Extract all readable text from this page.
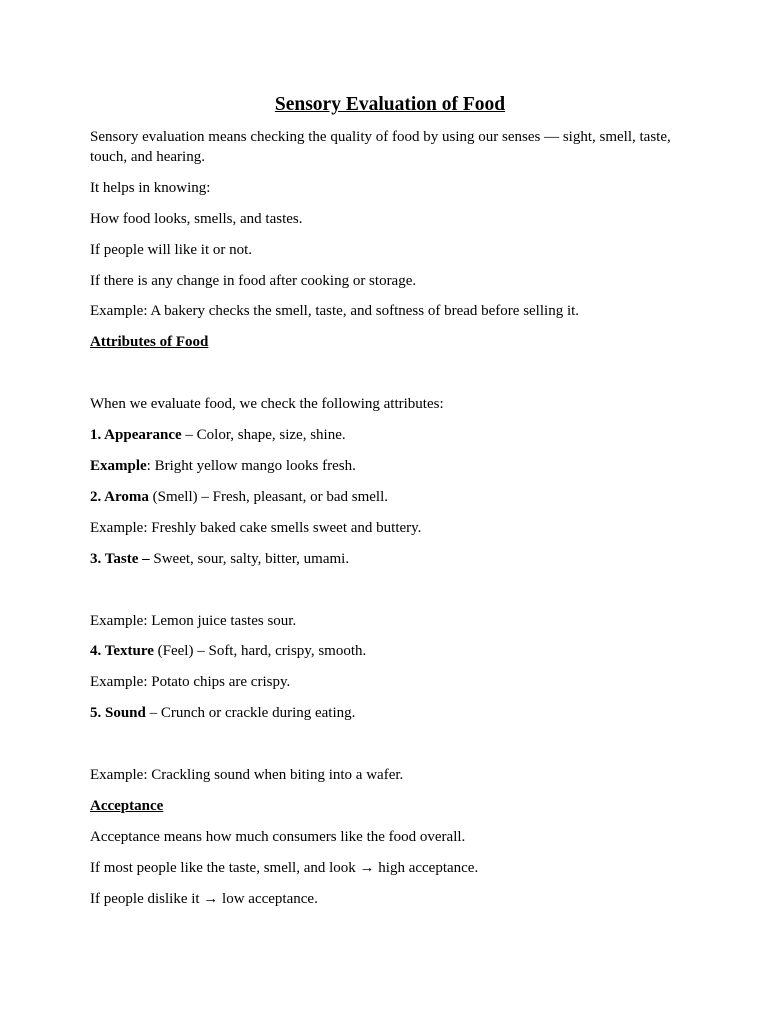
Sensory Evaluation of Food
Sensory evaluation means checking the quality of food by using our senses — sight, smell, taste, touch, and hearing.
It helps in knowing:
How food looks, smells, and tastes.
If people will like it or not.
If there is any change in food after cooking or storage.
Example: A bakery checks the smell, taste, and softness of bread before selling it.
Attributes of Food
When we evaluate food, we check the following attributes:
1. Appearance – Color, shape, size, shine.
Example: Bright yellow mango looks fresh.
2. Aroma (Smell) – Fresh, pleasant, or bad smell.
Example: Freshly baked cake smells sweet and buttery.
3. Taste – Sweet, sour, salty, bitter, umami.
Example: Lemon juice tastes sour.
4. Texture (Feel) – Soft, hard, crispy, smooth.
Example: Potato chips are crispy.
5. Sound – Crunch or crackle during eating.
Example: Crackling sound when biting into a wafer.
Acceptance
Acceptance means how much consumers like the food overall.
If most people like the taste, smell, and look → high acceptance.
If people dislike it → low acceptance.
